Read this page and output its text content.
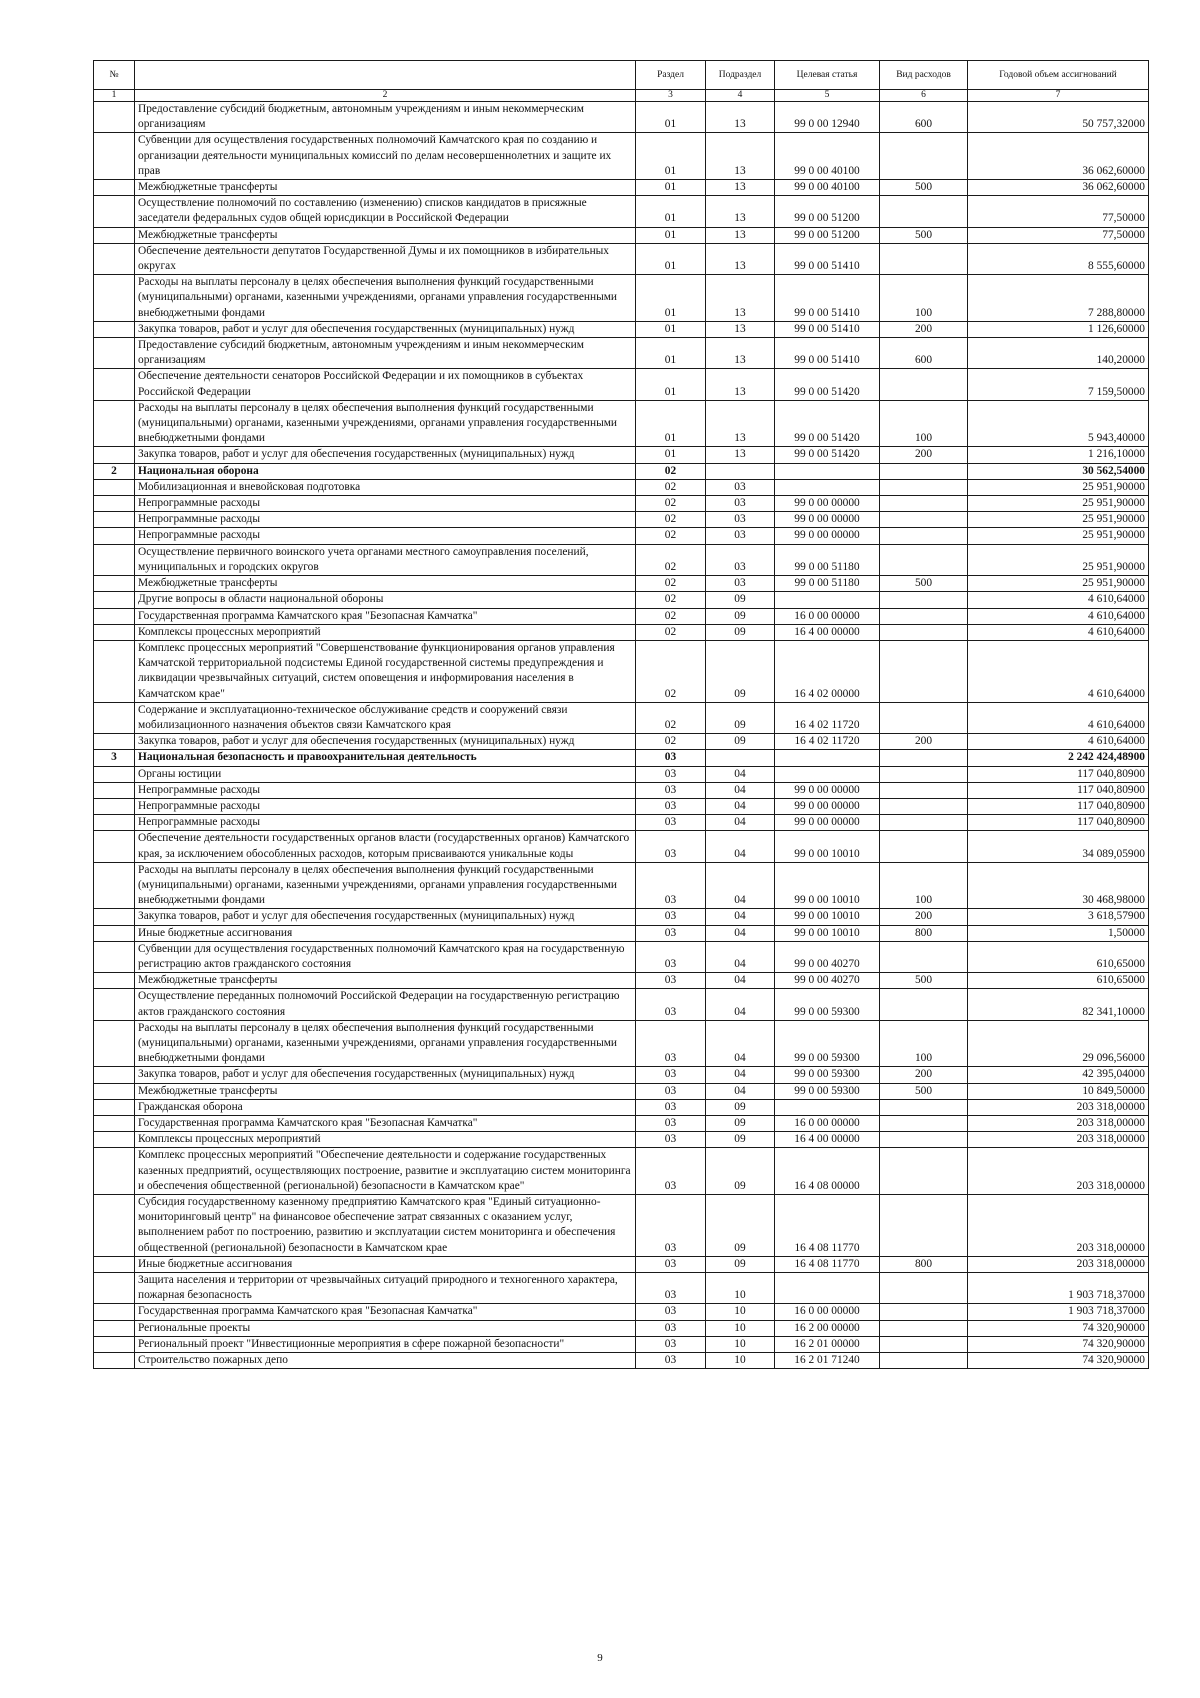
№		Раздел	Подраздел	Целевая статья	Вид расходов	Годовой объем ассигнований
1	2	3	4	5	6	7
	Предоставление субсидий бюджетным, автономным учреждениям и иным некоммерческим организациям	01	13	99 0 00 12940	600	50 757,32000
	Субвенции для осуществления государственных полномочий Камчатского края по созданию и организации деятельности муниципальных комиссий по делам несовершеннолетних и защите их прав	01	13	99 0 00 40100		36 062,60000
	Межбюджетные трансферты	01	13	99 0 00 40100	500	36 062,60000
	Осуществление полномочий по составлению (изменению) списков кандидатов в присяжные заседатели федеральных судов общей юрисдикции в Российской Федерации	01	13	99 0 00 51200		77,50000
	Межбюджетные трансферты	01	13	99 0 00 51200	500	77,50000
	Обеспечение деятельности депутатов Государственной Думы и их помощников в избирательных округах	01	13	99 0 00 51410		8 555,60000
	Расходы на выплаты персоналу в целях обеспечения выполнения функций государственными (муниципальными) органами, казенными учреждениями, органами управления государственными внебюджетными фондами	01	13	99 0 00 51410	100	7 288,80000
	Закупка товаров, работ и услуг для обеспечения государственных (муниципальных) нужд	01	13	99 0 00 51410	200	1 126,60000
	Предоставление субсидий бюджетным, автономным учреждениям и иным некоммерческим организациям	01	13	99 0 00 51410	600	140,20000
	Обеспечение деятельности сенаторов Российской Федерации и их помощников в субъектах Российской Федерации	01	13	99 0 00 51420		7 159,50000
	Расходы на выплаты персоналу в целях обеспечения выполнения функций государственными (муниципальными) органами, казенными учреждениями, органами управления государственными внебюджетными фондами	01	13	99 0 00 51420	100	5 943,40000
	Закупка товаров, работ и услуг для обеспечения государственных (муниципальных) нужд	01	13	99 0 00 51420	200	1 216,10000
2	Национальная оборона	02				30 562,54000
	Мобилизационная и вневойсковая подготовка	02	03			25 951,90000
	Непрограммные расходы	02	03	99 0 00 00000		25 951,90000
	Непрограммные расходы	02	03	99 0 00 00000		25 951,90000
	Непрограммные расходы	02	03	99 0 00 00000		25 951,90000
	Осуществление первичного воинского учета органами местного самоуправления поселений, муниципальных и городских округов	02	03	99 0 00 51180		25 951,90000
	Межбюджетные трансферты	02	03	99 0 00 51180	500	25 951,90000
	Другие вопросы в области национальной обороны	02	09			4 610,64000
	Государственная программа Камчатского края "Безопасная Камчатка"	02	09	16 0 00 00000		4 610,64000
	Комплексы процессных мероприятий	02	09	16 4 00 00000		4 610,64000
	Комплекс процессных мероприятий "Совершенствование функционирования органов управления Камчатской территориальной подсистемы Единой государственной системы предупреждения и ликвидации чрезвычайных ситуаций, систем оповещения и информирования населения в Камчатском крае"	02	09	16 4 02 00000		4 610,64000
	Содержание и эксплуатационно-техническое обслуживание средств и сооружений связи мобилизационного назначения объектов связи Камчатского края	02	09	16 4 02 11720		4 610,64000
	Закупка товаров, работ и услуг для обеспечения государственных (муниципальных) нужд	02	09	16 4 02 11720	200	4 610,64000
3	Национальная безопасность и правоохранительная деятельность	03				2 242 424,48900
	Органы юстиции	03	04			117 040,80900
	Непрограммные расходы	03	04	99 0 00 00000		117 040,80900
	Непрограммные расходы	03	04	99 0 00 00000		117 040,80900
	Непрограммные расходы	03	04	99 0 00 00000		117 040,80900
	Обеспечение деятельности государственных органов власти (государственных органов) Камчатского края, за исключением обособленных расходов, которым присваиваются уникальные коды	03	04	99 0 00 10010		34 089,05900
	Расходы на выплаты персоналу в целях обеспечения выполнения функций государственными (муниципальными) органами, казенными учреждениями, органами управления государственными внебюджетными фондами	03	04	99 0 00 10010	100	30 468,98000
	Закупка товаров, работ и услуг для обеспечения государственных (муниципальных) нужд	03	04	99 0 00 10010	200	3 618,57900
	Иные бюджетные ассигнования	03	04	99 0 00 10010	800	1,50000
	Субвенции для осуществления государственных полномочий Камчатского края на государственную регистрацию актов гражданского состояния	03	04	99 0 00 40270		610,65000
	Межбюджетные трансферты	03	04	99 0 00 40270	500	610,65000
	Осуществление переданных полномочий Российской Федерации на государственную регистрацию актов гражданского состояния	03	04	99 0 00 59300		82 341,10000
	Расходы на выплаты персоналу в целях обеспечения выполнения функций государственными (муниципальными) органами, казенными учреждениями, органами управления государственными внебюджетными фондами	03	04	99 0 00 59300	100	29 096,56000
	Закупка товаров, работ и услуг для обеспечения государственных (муниципальных) нужд	03	04	99 0 00 59300	200	42 395,04000
	Межбюджетные трансферты	03	04	99 0 00 59300	500	10 849,50000
	Гражданская оборона	03	09			203 318,00000
	Государственная программа Камчатского края "Безопасная Камчатка"	03	09	16 0 00 00000		203 318,00000
	Комплексы процессных мероприятий	03	09	16 4 00 00000		203 318,00000
	Комплекс процессных мероприятий "Обеспечение деятельности и содержание государственных казенных предприятий, осуществляющих построение, развитие и эксплуатацию систем мониторинга и обеспечения общественной (региональной) безопасности в Камчатском крае"	03	09	16 4 08 00000		203 318,00000
	Субсидия государственному казенному предприятию Камчатского края "Единый ситуационно-мониторинговый центр" на финансовое обеспечение затрат связанных с оказанием услуг, выполнением работ по построению, развитию и эксплуатации систем мониторинга и обеспечения общественной (региональной) безопасности в Камчатском крае	03	09	16 4 08 11770		203 318,00000
	Иные бюджетные ассигнования	03	09	16 4 08 11770	800	203 318,00000
	Защита населения и территории от чрезвычайных ситуаций природного и техногенного характера, пожарная безопасность	03	10			1 903 718,37000
	Государственная программа Камчатского края "Безопасная Камчатка"	03	10	16 0 00 00000		1 903 718,37000
	Региональные проекты	03	10	16 2 00 00000		74 320,90000
	Региональный проект "Инвестиционные мероприятия в сфере пожарной безопасности"	03	10	16 2 01 00000		74 320,90000
	Строительство пожарных депо	03	10	16 2 01 71240		74 320,90000
9
